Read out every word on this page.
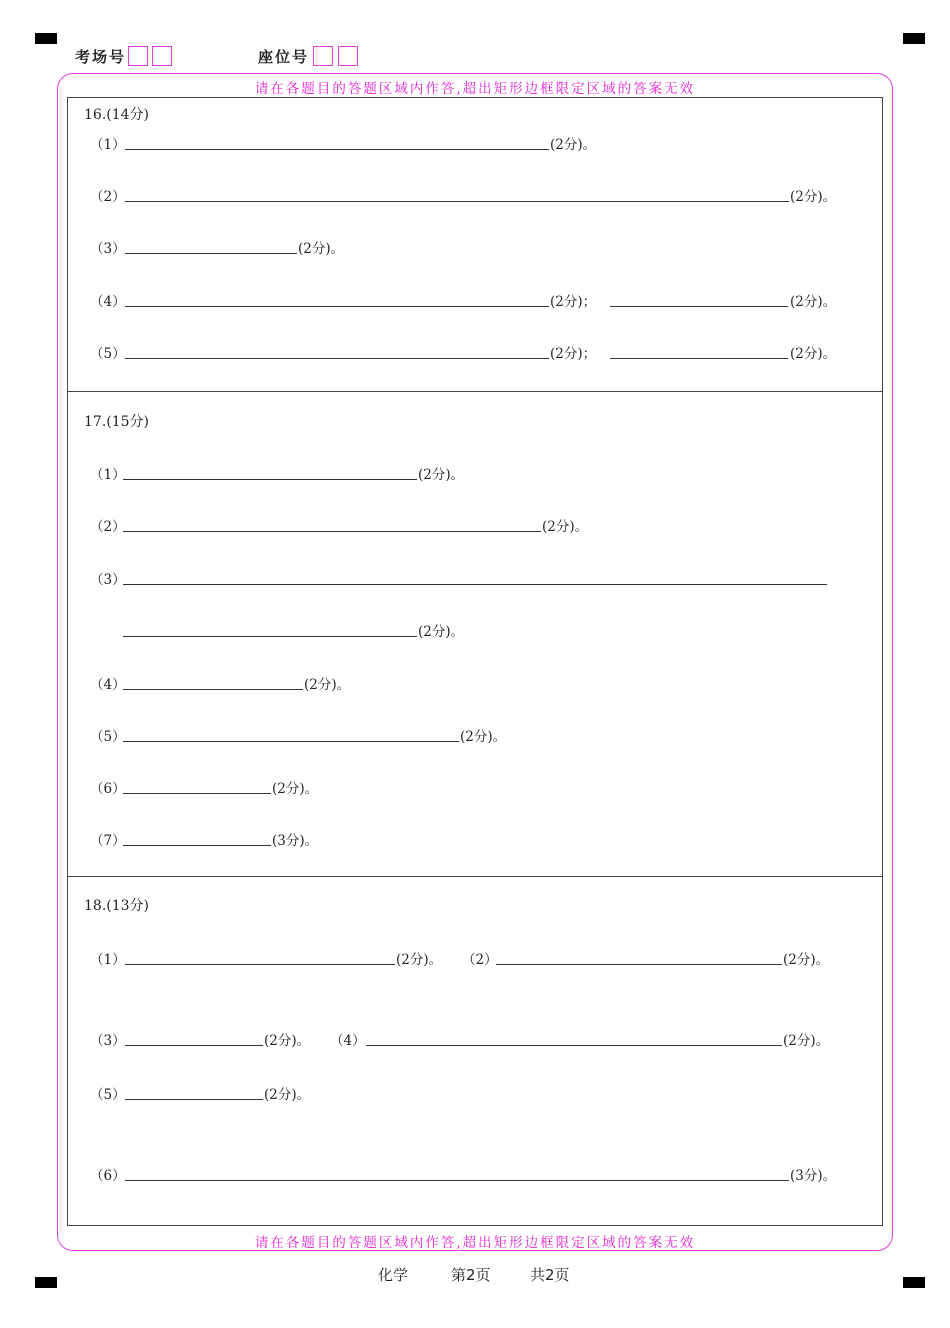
考场号	座位号
请在各题目的答题区域内作答,超出矩形边框限定区域的答案无效
请在各题目的答题区域内作答,超出矩形边框限定区域的答案无效
16.(14分)
（1）	(2分)。
（2）	(2分)。
（3）	(2分)。
（4）	(2分)；	(2分)。
（5）	(2分)；	(2分)。
17.(15分)
（1）	(2分)。
（2）	(2分)。
（3）
(2分)。
（4）	(2分)。
（5）	(2分)。
（6）	(2分)。
（7）	(3分)。
18.(13分)
（1）	(2分)。 （2）	(2分)。
（3）	(2分)。 （4）	(2分)。
（5）	(2分)。
（6）	(3分)。
化学	第2页	共2页
